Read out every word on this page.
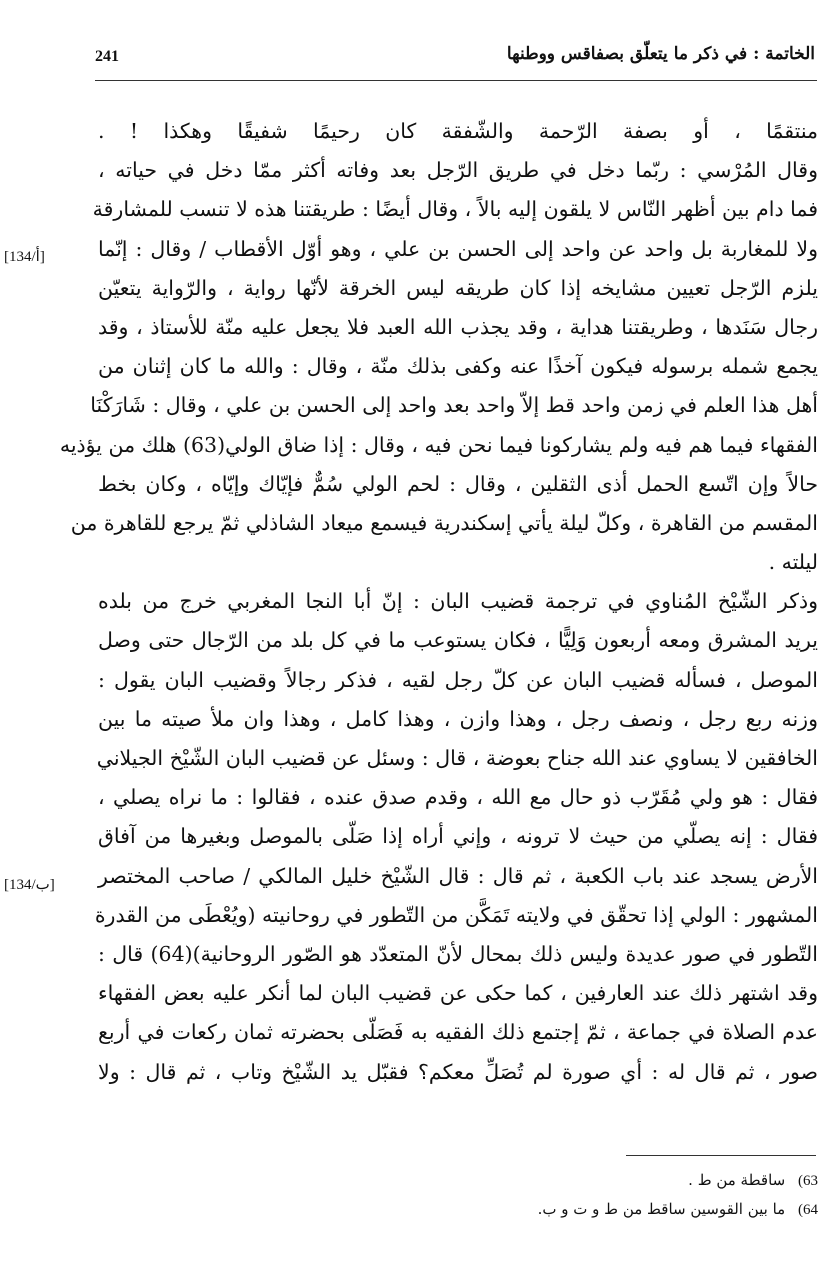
241	الخاتمة : في ذكر ما يتعلّق بصفاقس ووطنها
منتقمًا ، أو بصفة الرّحمة والشّفقة كان رحيمًا شفيقًا وهكذا ! .
وقال المُرْسي : ربّما دخل في طريق الرّجل بعد وفاته أكثر ممّا دخل في حياته ،
فما دام بين أظهر النّاس لا يلقون إليه بالاً ، وقال أيضًا : طريقتنا هذه لا تنسب للمشارقة
ولا للمغاربة بل واحد عن واحد إلى الحسن بن علي ، وهو أوّل الأقطاب / وقال : إنّما
يلزم الرّجل تعيين مشايخه إذا كان طريقه ليس الخرقة لأنّها رواية ، والرّواية يتعيّن
رجال سَنَدها ، وطريقتنا هداية ، وقد يجذب الله العبد فلا يجعل عليه منّة للأستاذ ، وقد
يجمع شمله برسوله فيكون آخذًا عنه وكفى بذلك منّة ، وقال : والله ما كان إثنان من
أهل هذا العلم في زمن واحد قط إلاّ واحد بعد واحد إلى الحسن بن علي ، وقال : شَارَكْنَا
الفقهاء فيما هم فيه ولم يشاركونا فيما نحن فيه ، وقال : إذا ضاق الولي(63) هلك من يؤذيه
حالاً وإن اتّسع الحمل أذى الثقلين ، وقال : لحم الولي سُمٌّ فإيّاك وإيّاه ، وكان بخط
المقسم من القاهرة ، وكلّ ليلة يأتي إسكندرية فيسمع ميعاد الشاذلي ثمّ يرجع للقاهرة من
ليلته .
وذكر الشّيْخ المُناوي في ترجمة قضيب البان : إنّ أبا النجا المغربي خرج من بلده
يريد المشرق ومعه أربعون وَلِيًّا ، فكان يستوعب ما في كل بلد من الرّجال حتى وصل
الموصل ، فسأله قضيب البان عن كلّ رجل لقيه ، فذكر رجالاً وقضيب البان يقول :
وزنه ربع رجل ، ونصف رجل ، وهذا وازن ، وهذا كامل ، وهذا وان ملأ صيته ما بين
الخافقين لا يساوي عند الله جناح بعوضة ، قال : وسئل عن قضيب البان الشّيْخ الجيلاني
فقال : هو ولي مُقَرّب ذو حال مع الله ، وقدم صدق عنده ، فقالوا : ما نراه يصلي ،
فقال : إنه يصلّي من حيث لا ترونه ، وإني أراه إذا صَلّى بالموصل وبغيرها من آفاق
الأرض يسجد عند باب الكعبة ، ثم قال : قال الشّيْخ خليل المالكي / صاحب المختصر
المشهور : الولي إذا تحقّق في ولايته تَمَكَّن من التّطور في روحانيته (ويُعْطَى من القدرة
التّطور في صور عديدة وليس ذلك بمحال لأنّ المتعدّد هو الصّور الروحانية)(64) قال :
وقد اشتهر ذلك عند العارفين ، كما حكى عن قضيب البان لما أنكر عليه بعض الفقهاء
عدم الصلاة في جماعة ، ثمّ إجتمع ذلك الفقيه به فَصَلّى بحضرته ثمان ركعات في أربع
صور ، ثم قال له : أي صورة لم تُصَلِّ معكم؟ فقبّل يد الشّيْخ وتاب ، ثم قال : ولا
[134/أ]
[134/ب]
63) ساقطة من ط .
64) ما بين القوسين ساقط من ط و ت و ب.
